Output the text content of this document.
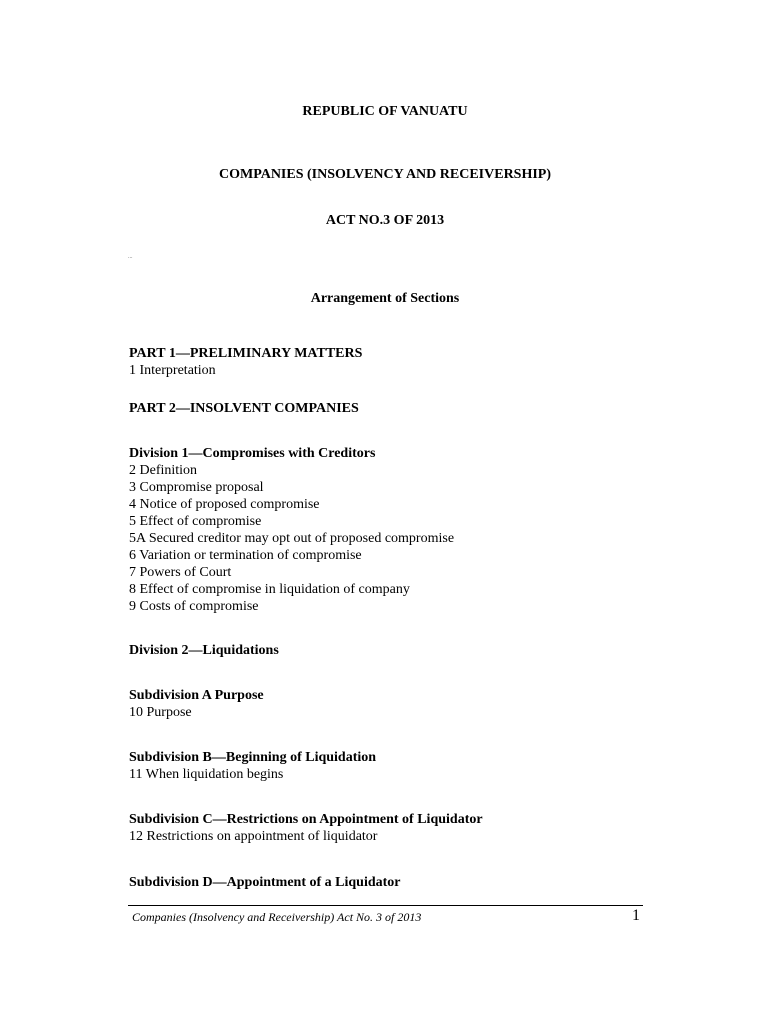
REPUBLIC OF VANUATU
COMPANIES (INSOLVENCY AND RECEIVERSHIP)
ACT NO.3 OF 2013
...
Arrangement of Sections
PART 1—PRELIMINARY MATTERS
1 Interpretation
PART 2—INSOLVENT COMPANIES
Division 1—Compromises with Creditors
2 Definition
3 Compromise proposal
4 Notice of proposed compromise
5 Effect of compromise
5A Secured creditor may opt out of proposed compromise
6 Variation or termination of compromise
7 Powers of Court
8 Effect of compromise in liquidation of company
9 Costs of compromise
Division 2—Liquidations
Subdivision A Purpose
10 Purpose
Subdivision B—Beginning of Liquidation
11 When liquidation begins
Subdivision C—Restrictions on Appointment of Liquidator
12 Restrictions on appointment of liquidator
Subdivision D—Appointment of a Liquidator
Companies (Insolvency and Receivership) Act No. 3 of 2013	1
